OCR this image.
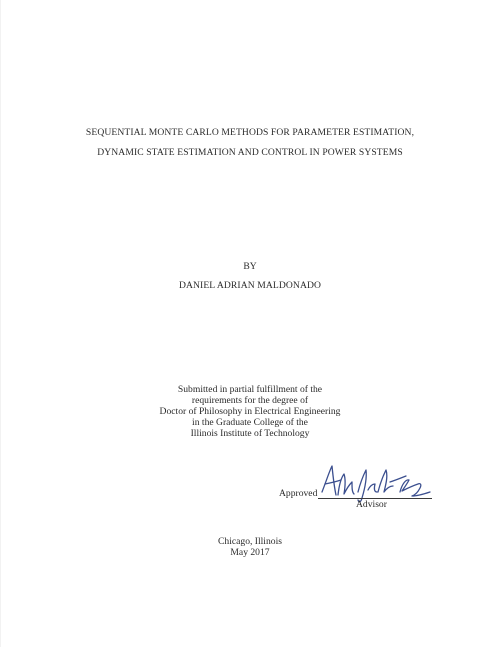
SEQUENTIAL MONTE CARLO METHODS FOR PARAMETER ESTIMATION,
DYNAMIC STATE ESTIMATION AND CONTROL IN POWER SYSTEMS
BY
DANIEL ADRIAN MALDONADO
Submitted in partial fulfillment of the
requirements for the degree of
Doctor of Philosophy in Electrical Engineering
in the Graduate College of the
Illinois Institute of Technology
Approved
Advisor
Chicago, Illinois
May 2017
